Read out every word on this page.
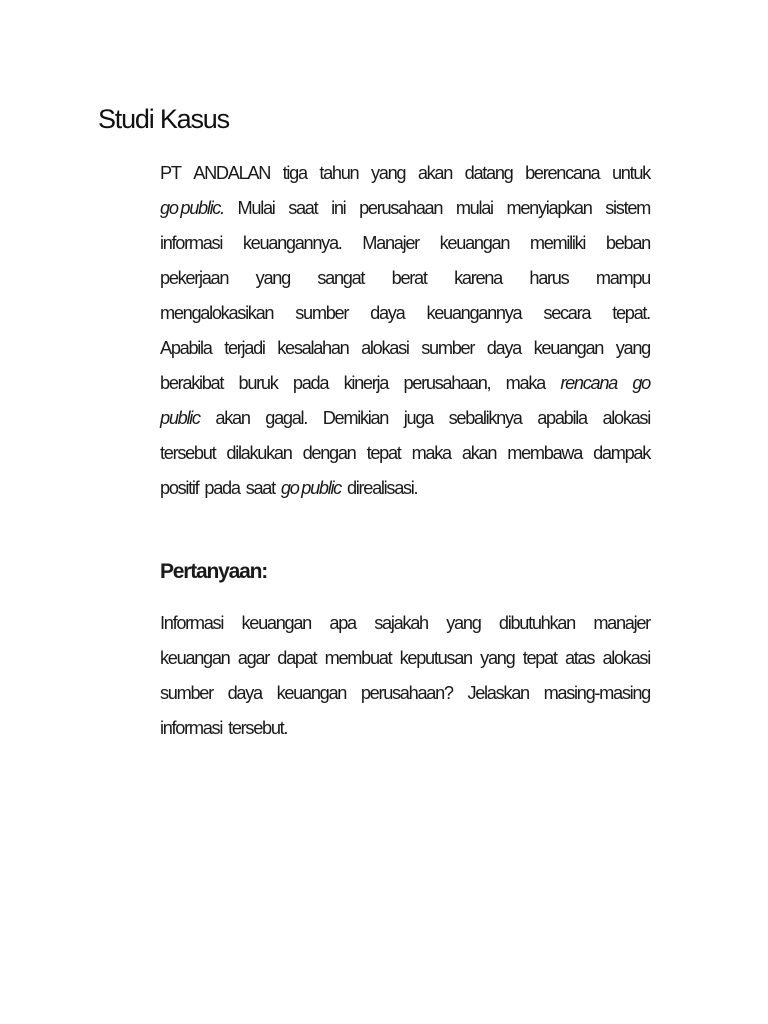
Studi Kasus
PT ANDALAN tiga tahun yang akan datang berencana untuk
go public. Mulai saat ini perusahaan mulai menyiapkan sistem
informasi keuangannya. Manajer keuangan memiliki beban
pekerjaan yang sangat berat karena harus mampu
mengalokasikan sumber daya keuangannya secara tepat.
Apabila terjadi kesalahan alokasi sumber daya keuangan yang
berakibat buruk pada kinerja perusahaan, maka rencana go
public akan gagal. Demikian juga sebaliknya apabila alokasi
tersebut dilakukan dengan tepat maka akan membawa dampak
positif pada saat go public direalisasi.
Pertanyaan:
Informasi keuangan apa sajakah yang dibutuhkan manajer
keuangan agar dapat membuat keputusan yang tepat atas alokasi
sumber daya keuangan perusahaan? Jelaskan masing-masing
informasi tersebut.
